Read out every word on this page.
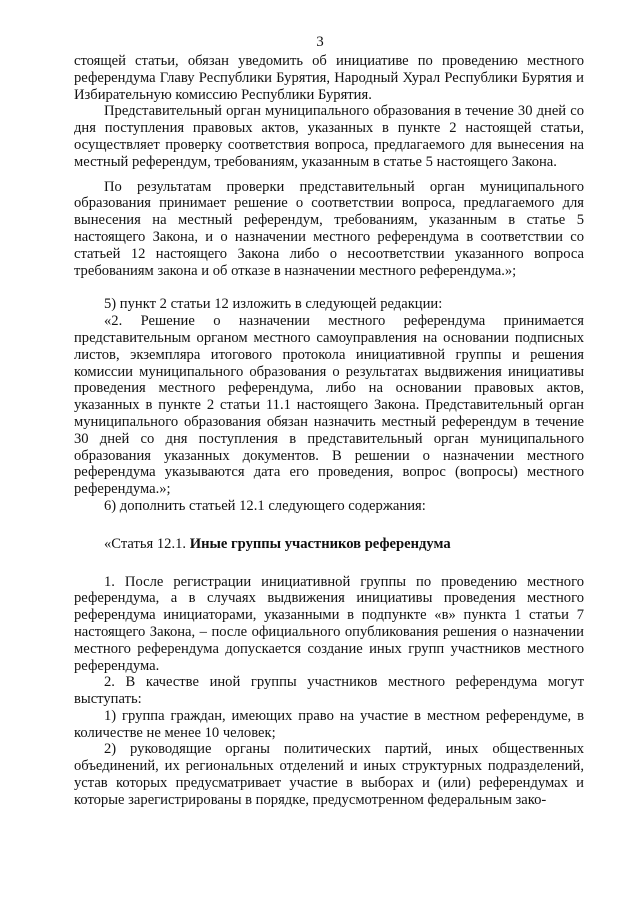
3

стоящей статьи, обязан уведомить об инициативе по проведению местного референдума Главу Республики Бурятия, Народный Хурал Республики Бурятия и Избирательную комиссию Республики Бурятия.

Представительный орган муниципального образования в течение 30 дней со дня поступления правовых актов, указанных в пункте 2 настоящей статьи, осуществляет проверку соответствия вопроса, предлагаемого для вынесения на местный референдум, требованиям, указанным в статье 5 настоящего Закона.

По результатам проверки представительный орган муниципального образования принимает решение о соответствии вопроса, предлагаемого для вынесения на местный референдум, требованиям, указанным в статье 5 настоящего Закона, и о назначении местного референдума в соответствии со статьей 12 настоящего Закона либо о несоответствии указанного вопроса требованиям закона и об отказе в назначении местного референдума.»;

5) пункт 2 статьи 12 изложить в следующей редакции:

«2. Решение о назначении местного референдума принимается представительным органом местного самоуправления на основании подписных листов, экземпляра итогового протокола инициативной группы и решения комиссии муниципального образования о результатах выдвижения инициативы проведения местного референдума, либо на основании правовых актов, указанных в пункте 2 статьи 11.1 настоящего Закона. Представительный орган муниципального образования обязан назначить местный референдум в течение 30 дней со дня поступления в представительный орган муниципального образования указанных документов. В решении о назначении местного референдума указываются дата его проведения, вопрос (вопросы) местного референдума.»;

6) дополнить статьей 12.1 следующего содержания:

«Статья 12.1. Иные группы участников референдума

1. После регистрации инициативной группы по проведению местного референдума, а в случаях выдвижения инициативы проведения местного референдума инициаторами, указанными в подпункте «в» пункта 1 статьи 7 настоящего Закона, – после официального опубликования решения о назначении местного референдума допускается создание иных групп участников местного референдума.

2. В качестве иной группы участников местного референдума могут выступать:

1) группа граждан, имеющих право на участие в местном референдуме, в количестве не менее 10 человек;

2) руководящие органы политических партий, иных общественных объединений, их региональных отделений и иных структурных подразделений, устав которых предусматривает участие в выборах и (или) референдумах и которые зарегистрированы в порядке, предусмотренном федеральным зако-
